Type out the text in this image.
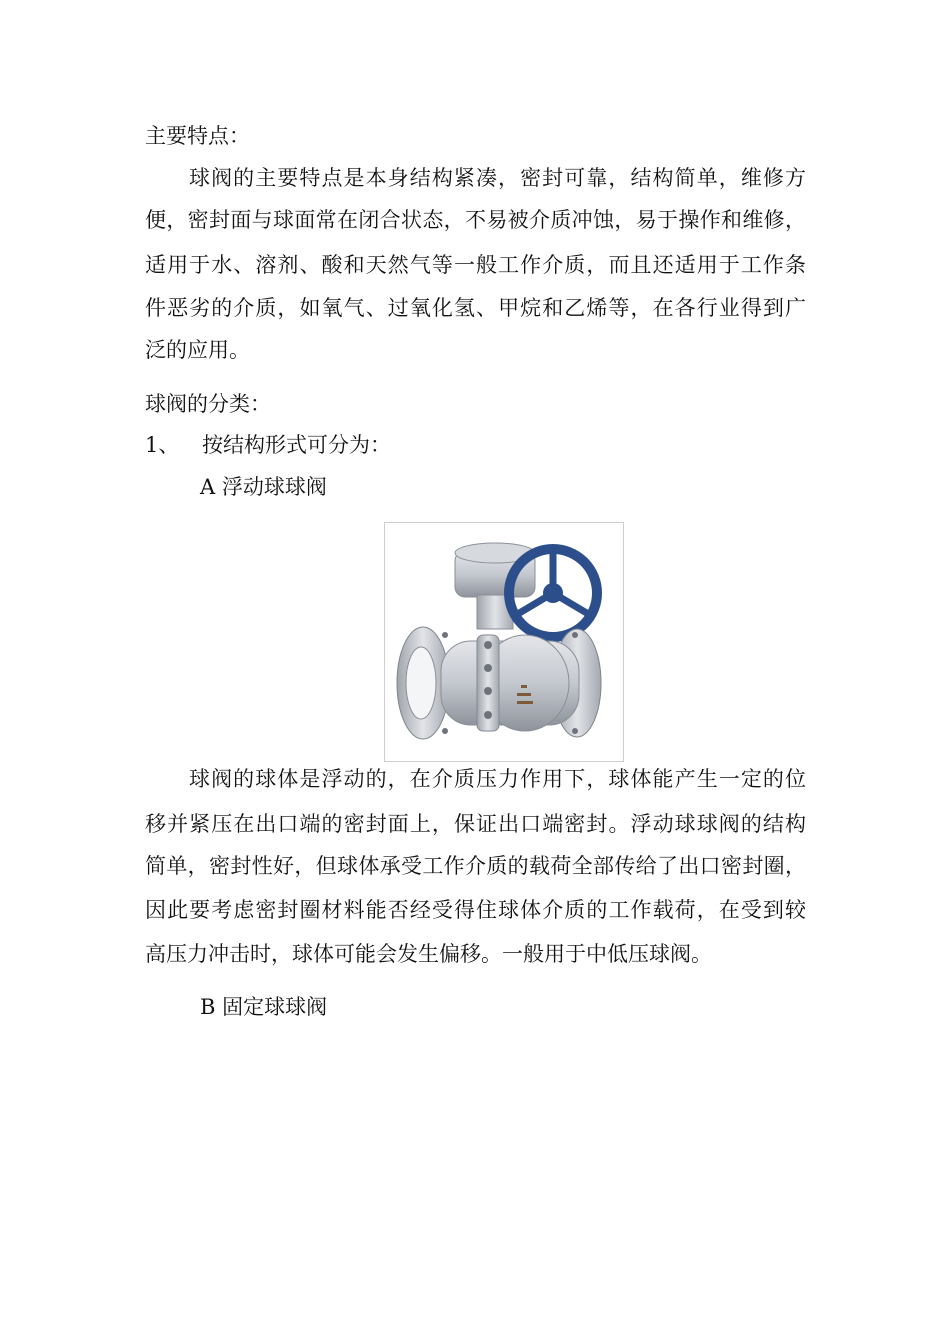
主要特点：
球阀的主要特点是本身结构紧凑，密封可靠，结构简单，维修方
便，密封面与球面常在闭合状态，不易被介质冲蚀，易于操作和维修，
适用于水、溶剂、酸和天然气等一般工作介质，而且还适用于工作条
件恶劣的介质，如氧气、过氧化氢、甲烷和乙烯等，在各行业得到广
泛的应用。
球阀的分类：
1、 按结构形式可分为：
A 浮动球球阀
球阀的球体是浮动的，在介质压力作用下，球体能产生一定的位
移并紧压在出口端的密封面上，保证出口端密封。浮动球球阀的结构
简单，密封性好，但球体承受工作介质的载荷全部传给了出口密封圈，
因此要考虑密封圈材料能否经受得住球体介质的工作载荷，在受到较
高压力冲击时，球体可能会发生偏移。一般用于中低压球阀。
B 固定球球阀
